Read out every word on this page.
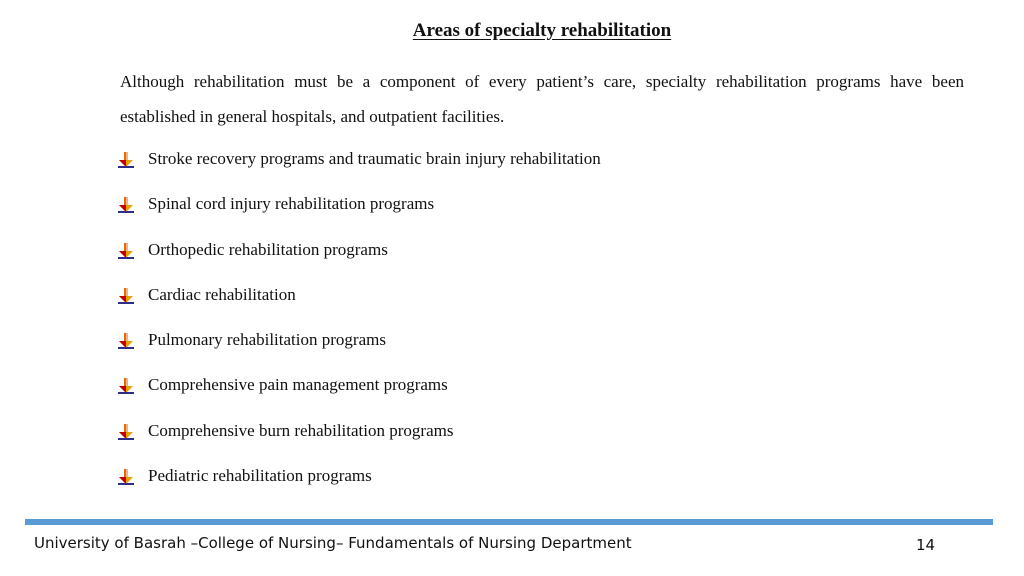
Areas of specialty rehabilitation
Although rehabilitation must be a component of every patient’s care, specialty rehabilitation programs have been established in general hospitals, and outpatient facilities.
Stroke recovery programs and traumatic brain injury rehabilitation
Spinal cord injury rehabilitation programs
Orthopedic rehabilitation programs
Cardiac rehabilitation
Pulmonary rehabilitation programs
Comprehensive pain management programs
Comprehensive burn rehabilitation programs
Pediatric rehabilitation programs
University of Basrah –College of Nursing– Fundamentals of Nursing Department	14
